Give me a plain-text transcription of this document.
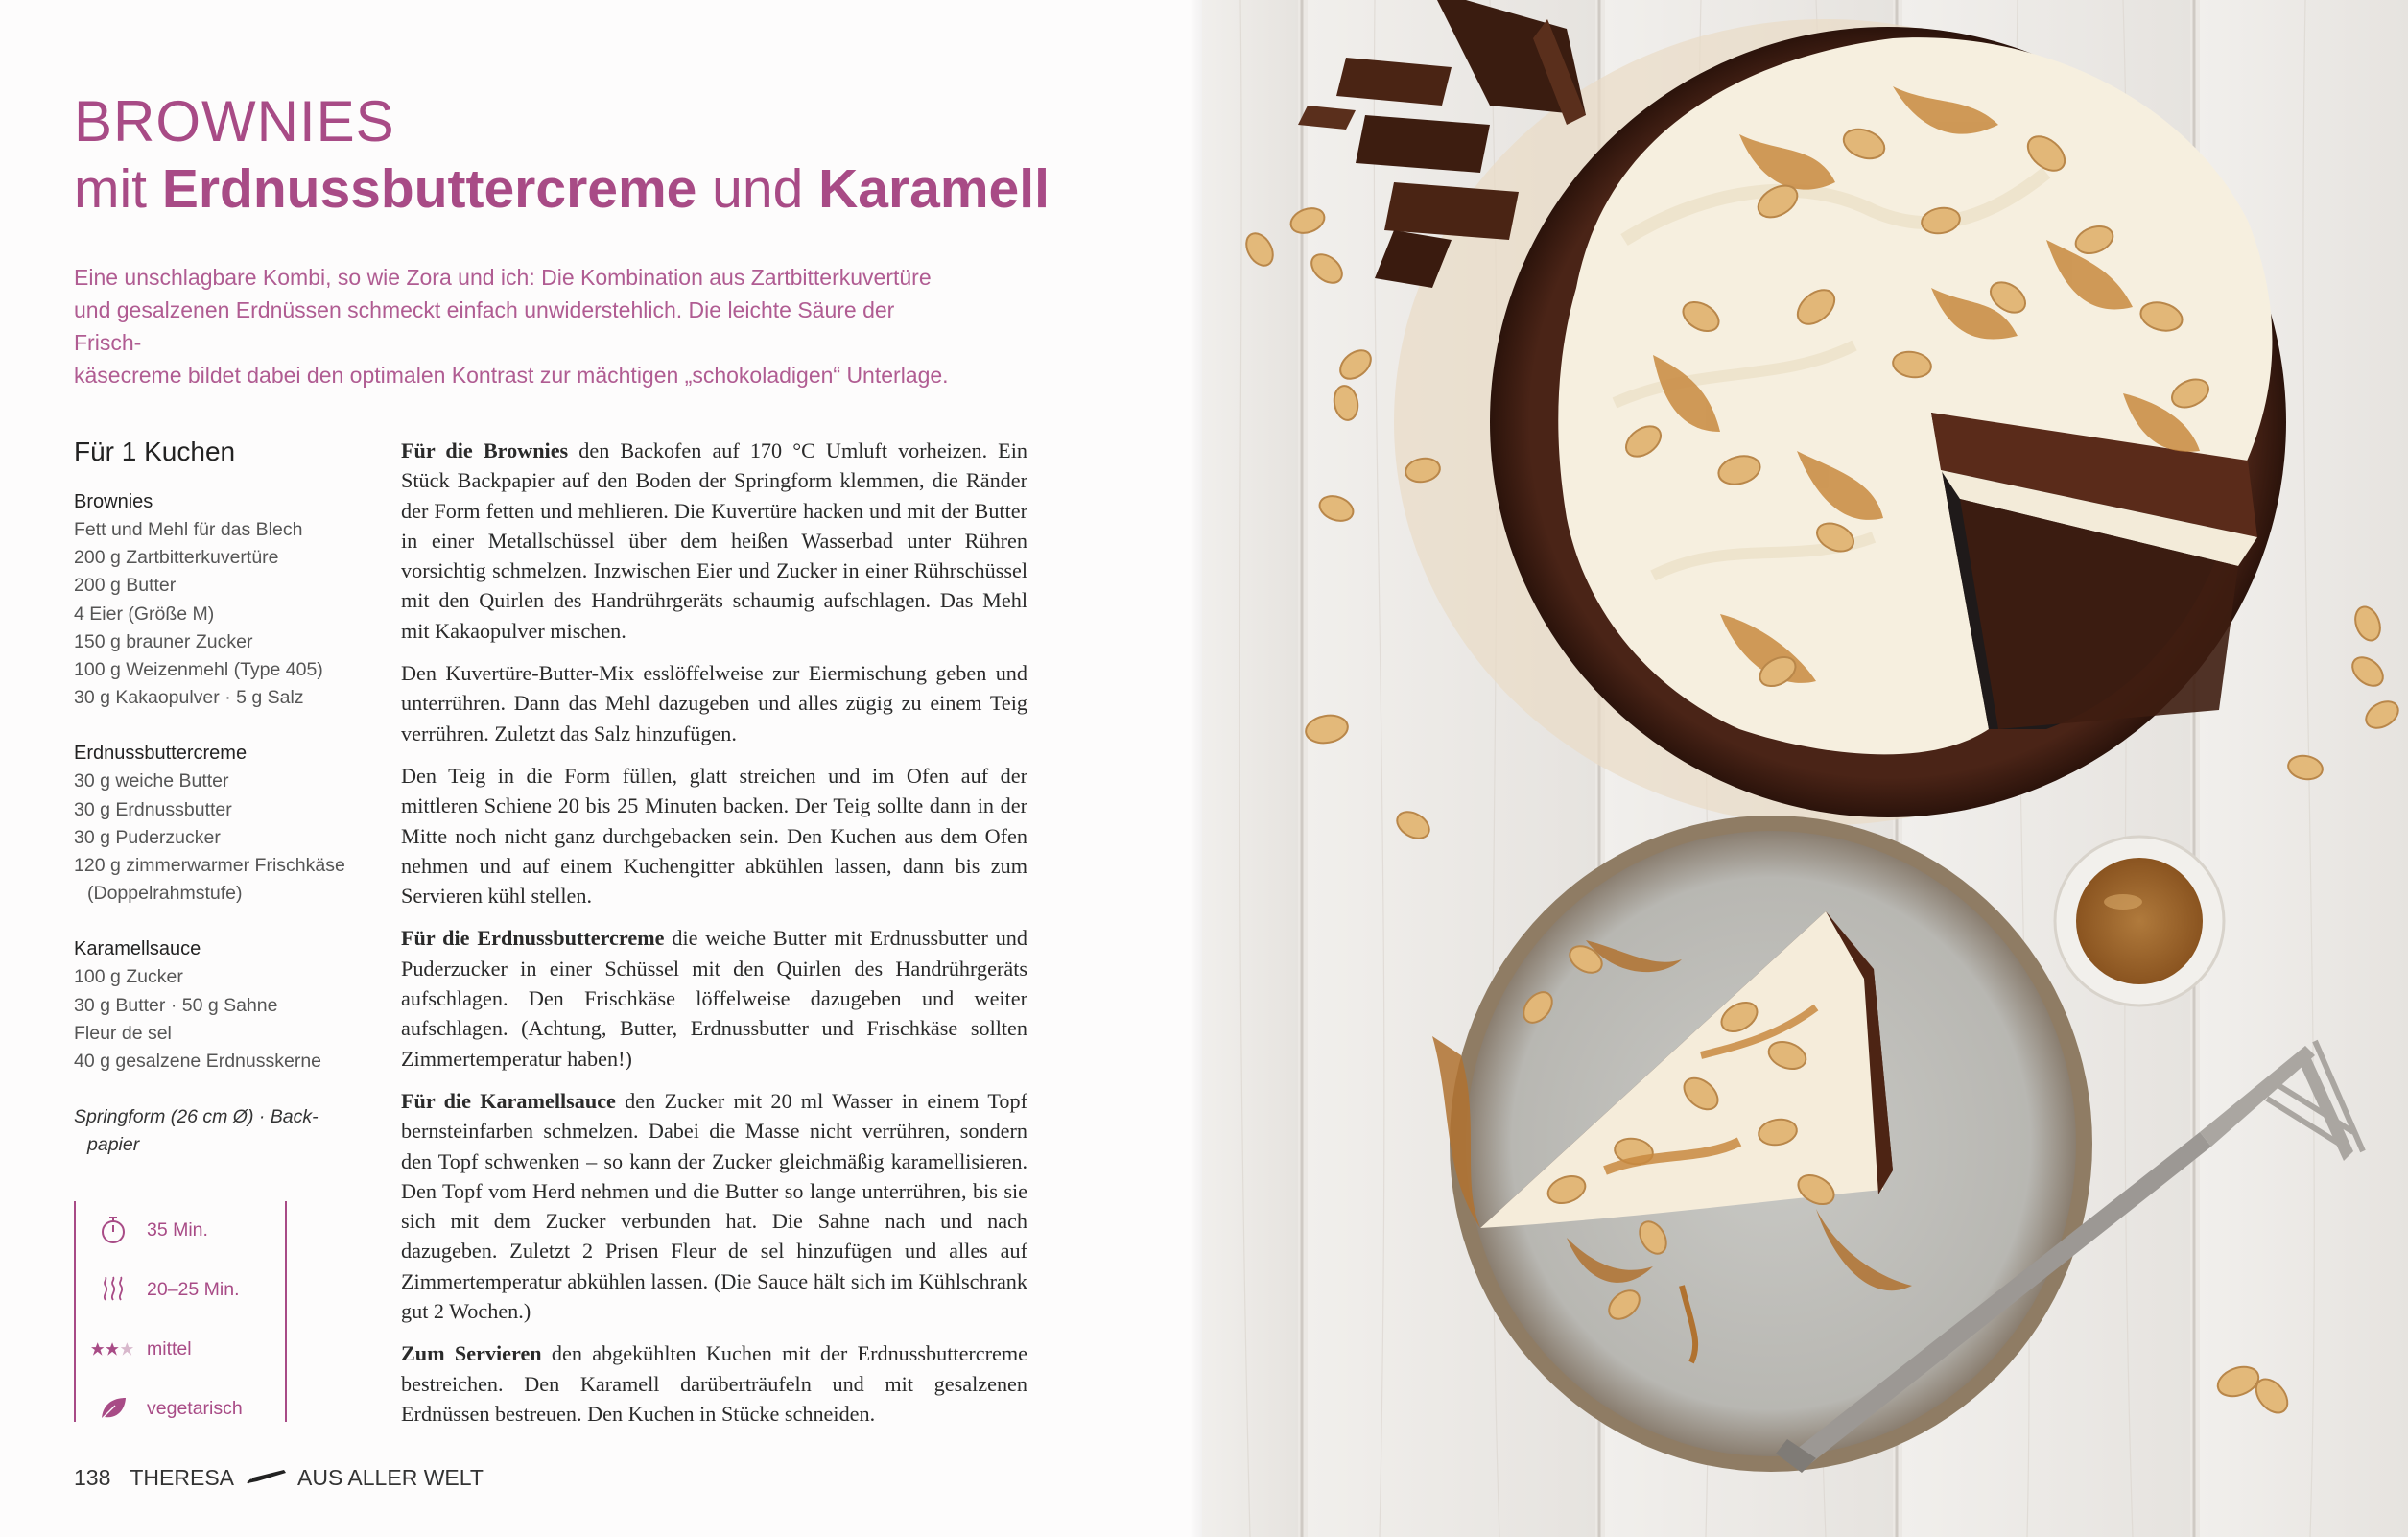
BROWNIES
mit Erdnussbuttercreme und Karamell
Eine unschlagbare Kombi, so wie Zora und ich: Die Kombination aus Zartbitterkuvertüre
und gesalzenen Erdnüssen schmeckt einfach unwiderstehlich. Die leichte Säure der Frisch-
käsecreme bildet dabei den optimalen Kontrast zur mächtigen „schokoladigen“ Unterlage.
Für 1 Kuchen
Brownies
Fett und Mehl für das Blech
200 g Zartbitterkuvertüre
200 g Butter
4 Eier (Größe M)
150 g brauner Zucker
100 g Weizenmehl (Type 405)
30 g Kakaopulver · 5 g Salz
Erdnussbuttercreme
30 g weiche Butter
30 g Erdnussbutter
30 g Puderzucker
120 g zimmerwarmer Frischkäse
(Doppelrahmstufe)
Karamellsauce
100 g Zucker
30 g Butter · 50 g Sahne
Fleur de sel
40 g gesalzene Erdnusskerne
Springform (26 cm Ø) · Back-
papier
35 Min.
20–25 Min.
mittel
vegetarisch

Für die Brownies den Backofen auf 170 °C Umluft vorheizen. Ein Stück Backpapier auf den Boden der Springform klemmen, die Ränder der Form fetten und mehlieren. Die Kuvertüre hacken und mit der Butter in einer Metallschüssel über dem heißen Wasserbad unter Rühren vorsichtig schmelzen. Inzwischen Eier und Zucker in einer Rührschüssel mit den Quirlen des Handrührgeräts schaumig aufschlagen. Das Mehl mit Kakaopulver mischen.

Den Kuvertüre-Butter-Mix esslöffelweise zur Eiermischung geben und unterrühren. Dann das Mehl dazugeben und alles zügig zu einem Teig verrühren. Zuletzt das Salz hinzufügen.

Den Teig in die Form füllen, glatt streichen und im Ofen auf der mittleren Schiene 20 bis 25 Minuten backen. Der Teig sollte dann in der Mitte noch nicht ganz durchgebacken sein. Den Kuchen aus dem Ofen nehmen und auf einem Kuchengitter abkühlen lassen, dann bis zum Servieren kühl stellen.

Für die Erdnussbuttercreme die weiche Butter mit Erdnussbutter und Puderzucker in einer Schüssel mit den Quirlen des Handrührgeräts aufschlagen. Den Frischkäse löffelweise dazugeben und weiter aufschlagen. (Achtung, Butter, Erdnussbutter und Frischkäse sollten Zimmertemperatur haben!)

Für die Karamellsauce den Zucker mit 20 ml Wasser in einem Topf bernsteinfarben schmelzen. Dabei die Masse nicht verrühren, sondern den Topf schwenken – so kann der Zucker gleichmäßig karamellisieren. Den Topf vom Herd nehmen und die Butter so lange unterrühren, bis sie sich mit dem Zucker verbunden hat. Die Sahne nach und nach dazugeben. Zuletzt 2 Prisen Fleur de sel hinzufügen und alles auf Zimmertemperatur abkühlen lassen. (Die Sauce hält sich im Kühlschrank gut 2 Wochen.)

Zum Servieren den abgekühlten Kuchen mit der Erdnussbuttercreme bestreichen. Den Karamell darüberträufeln und mit gesalzenen Erdnüssen bestreuen. Den Kuchen in Stücke schneiden.

138 THERESA	AUS ALLER WELT
